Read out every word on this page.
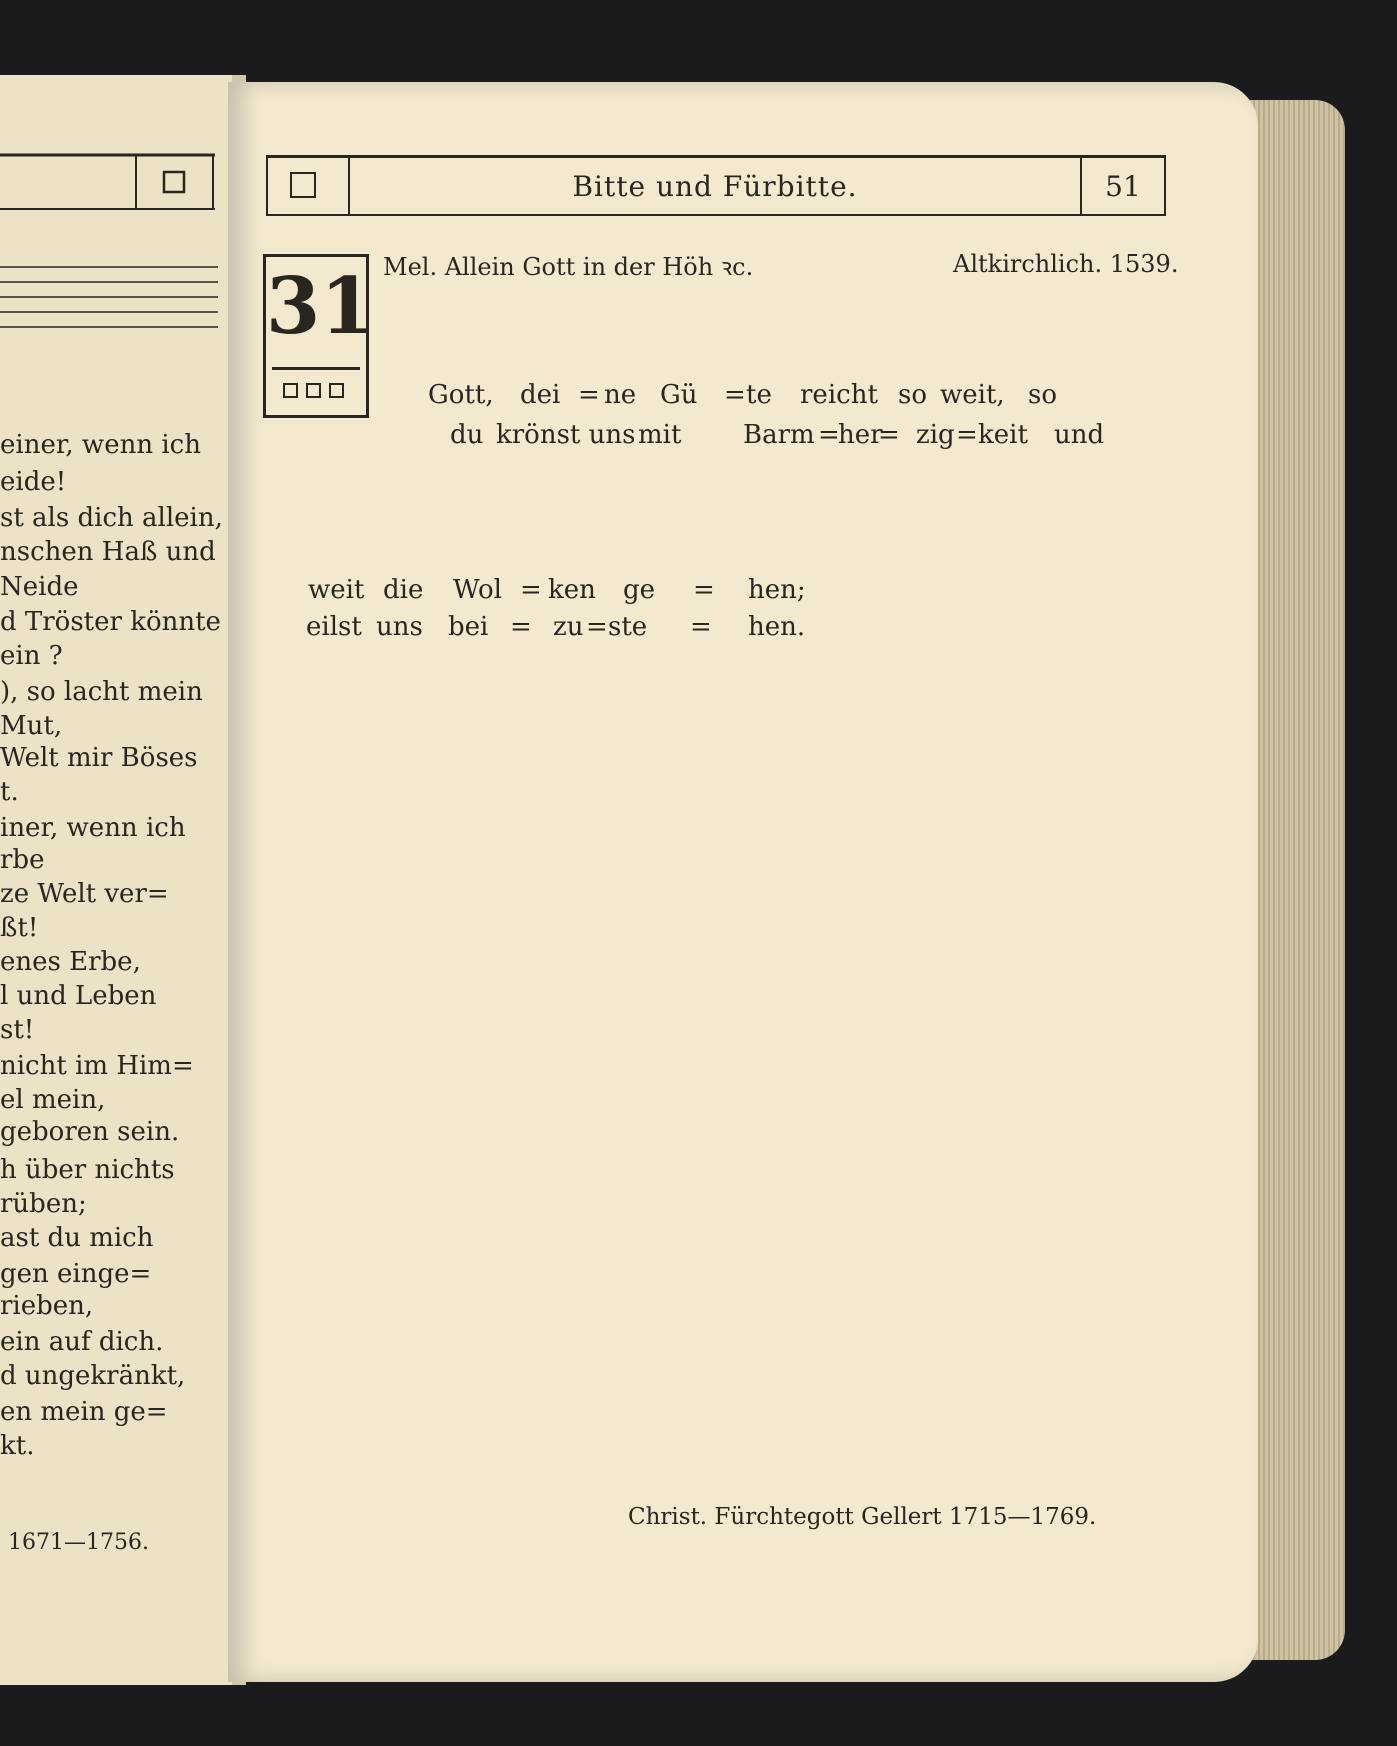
einer, wenn ich
eide!
st als dich allein,
nschen Haß und
Neide
d Tröster könnte
ein ?
), so lacht mein
Mut,
Welt mir Böses
t.
iner, wenn ich
rbe
ze Welt ver=
ßt!
enes Erbe,
l und Leben
st!
nicht im Him=
el mein,
geboren sein.
h über nichts
rüben;
ast du mich
gen einge=
rieben,
ein auf dich.
d ungekränkt,
en mein ge=
kt.
1671—1756.
Bitte und Fürbitte.	51
31 Mel. Allein Gott in der Höh ꝛc.	Altkirchlich. 1539.
Gott, dei = ne Gü = te reicht so weit, so
du krönst uns mit Barm =
her
= zig = keit und
weit die Wol = ken ge = hen;
eilst uns bei = zu = ste = hen.
Christ. Fürchtegott Gellert 1715—1769.
